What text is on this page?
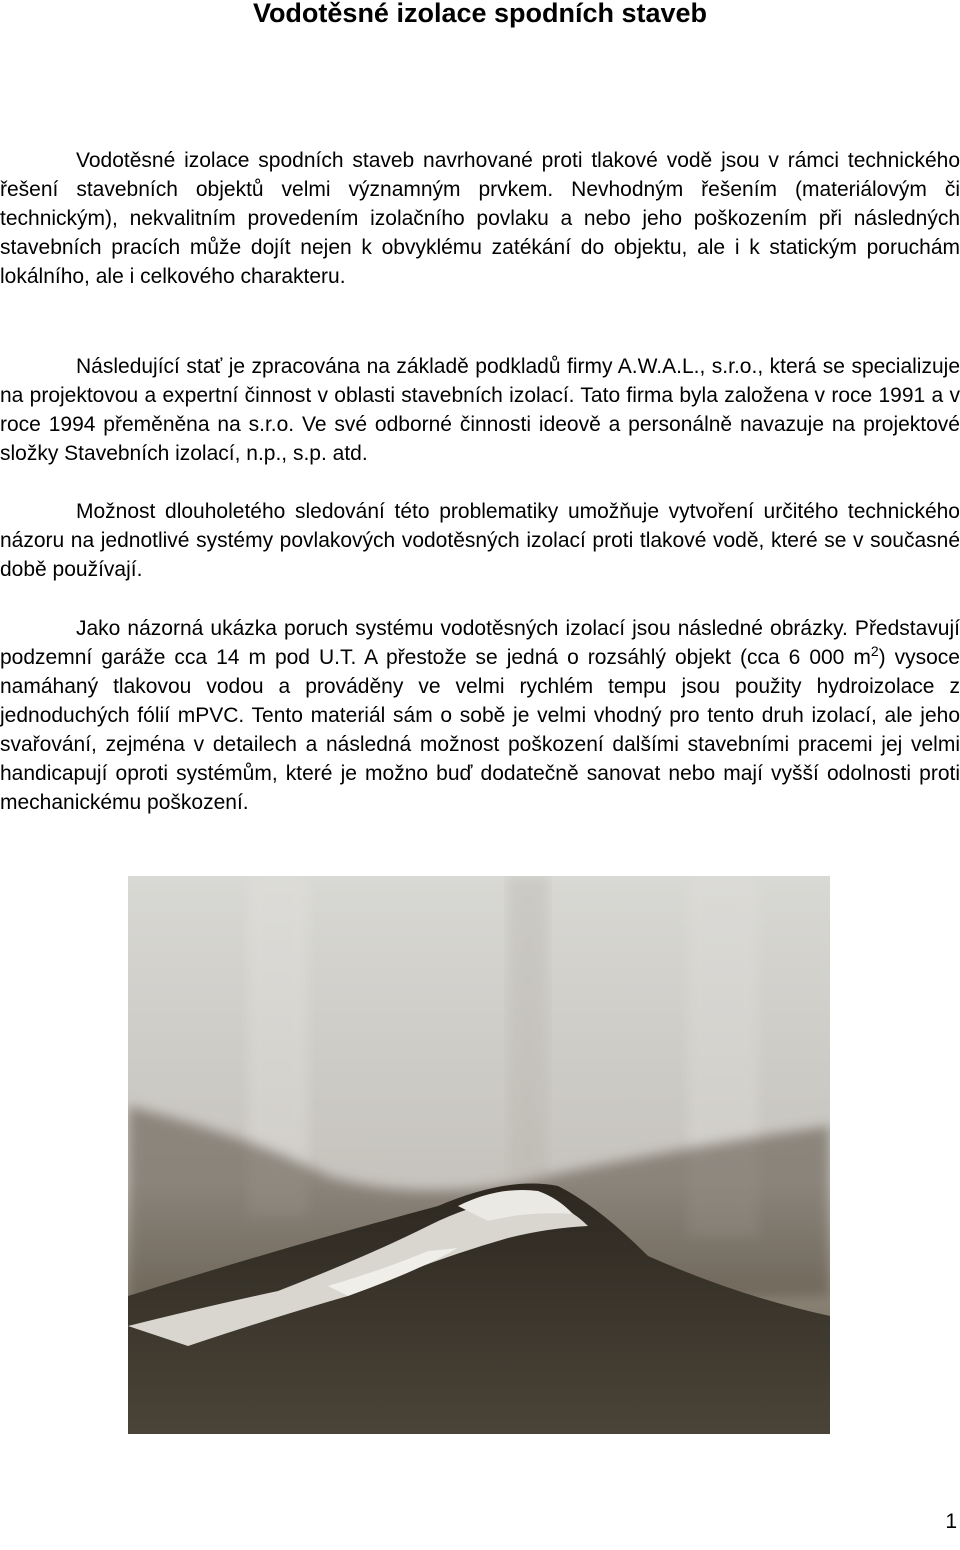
Vodotěsné izolace spodních staveb

Vodotěsné izolace spodních staveb navrhované proti tlakové vodě jsou v rámci technického řešení stavebních objektů velmi významným prvkem. Nevhodným řešením (materiálovým či technickým), nekvalitním provedením izolačního povlaku a nebo jeho poškozením při následných stavebních pracích může dojít nejen k obvyklému zatékání do objektu, ale i k statickým poruchám lokálního, ale i celkového charakteru.

Následující stať je zpracována na základě podkladů firmy A.W.A.L., s.r.o., která se specializuje na projektovou a expertní činnost v oblasti stavebních izolací. Tato firma byla založena v roce 1991 a v roce 1994 přeměněna na s.r.o. Ve své odborné činnosti ideově a personálně navazuje na projektové složky Stavebních izolací, n.p., s.p. atd.

Možnost dlouholetého sledování této problematiky umožňuje vytvoření určitého technického názoru na jednotlivé systémy povlakových vodotěsných izolací proti tlakové vodě, které se v současné době používají.

Jako názorná ukázka poruch systému vodotěsných izolací jsou následné obrázky. Představují podzemní garáže cca 14 m pod U.T. A přestože se jedná o rozsáhlý objekt (cca 6 000 $m^2$) vysoce namáhaný tlakovou vodou a prováděny ve velmi rychlém tempu jsou použity hydroizolace z jednoduchých fólií mPVC. Tento materiál sám o sobě je velmi vhodný pro tento druh izolací, ale jeho svařování, zejména v detailech a následná možnost poškození dalšími stavebními pracemi jej velmi handicapují oproti systémům, které je možno buď dodatečně sanovat nebo mají vyšší odolnosti proti mechanickému poškození.

1
